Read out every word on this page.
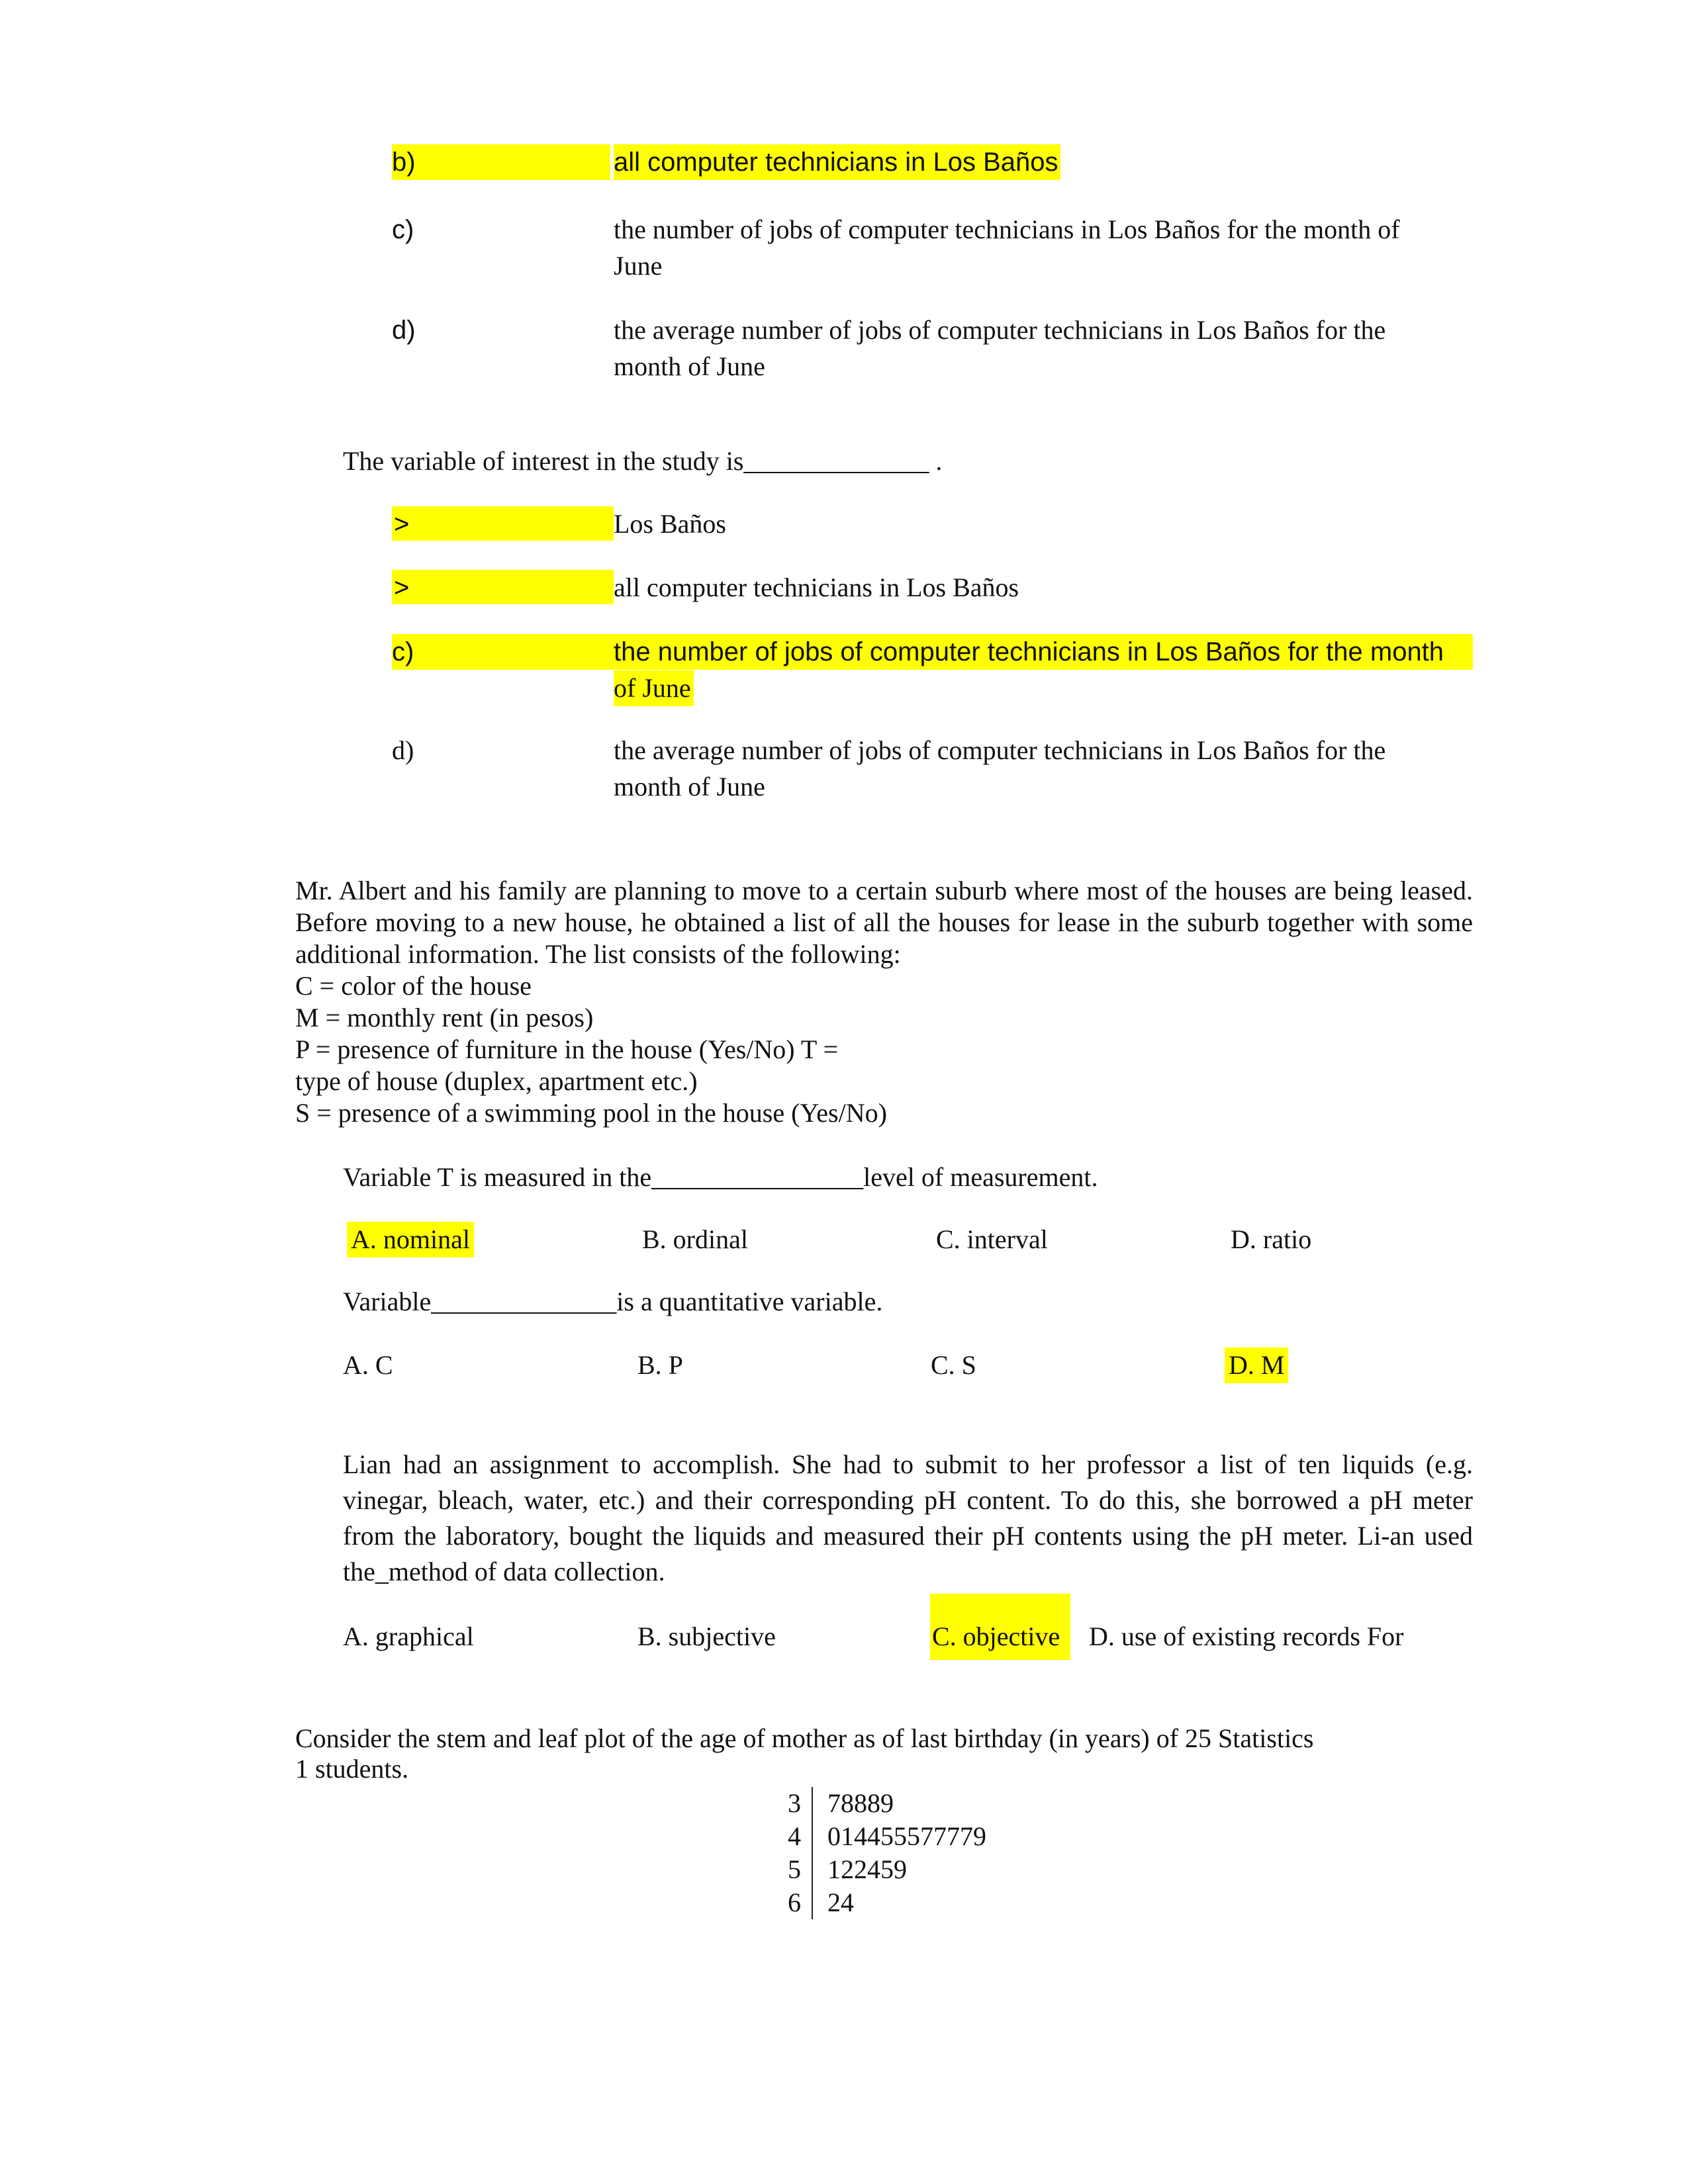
b)	all computer technicians in Los Baños
c)	the number of jobs of computer technicians in Los Baños for the month of
June
d)	the average number of jobs of computer technicians in Los Baños for the
month of June
The variable of interest in the study is______________ .
>	Los Baños
>	all computer technicians in Los Baños
c)	the number of jobs of computer technicians in Los Baños for the month
of June
d)	the average number of jobs of computer technicians in Los Baños for the
month of June
Mr. Albert and his family are planning to move to a certain suburb where most of the houses are being leased. Before moving to a new house, he obtained a list of all the houses for lease in the suburb together with some additional information. The list consists of the following:
C = color of the house
M = monthly rent (in pesos)
P = presence of furniture in the house (Yes/No) T =
type of house (duplex, apartment etc.)
S = presence of a swimming pool in the house (Yes/No)
Variable T is measured in the________________level of measurement.
A. nominal	B. ordinal	C. interval	D. ratio
Variable______________is a quantitative variable.
A. C	B. P	C. S	D. M
Lian had an assignment to accomplish. She had to submit to her professor a list of ten liquids (e.g. vinegar, bleach, water, etc.) and their corresponding pH content. To do this, she borrowed a pH meter from the laboratory, bought the liquids and measured their pH contents using the pH meter. Li-an used the_method of data collection.
A. graphical	B. subjective	C. objective D. use of existing records For
Consider the stem and leaf plot of the age of mother as of last birthday (in years) of 25 Statistics
1 students.
3	78889
4	014455577779
5	122459
6	24
